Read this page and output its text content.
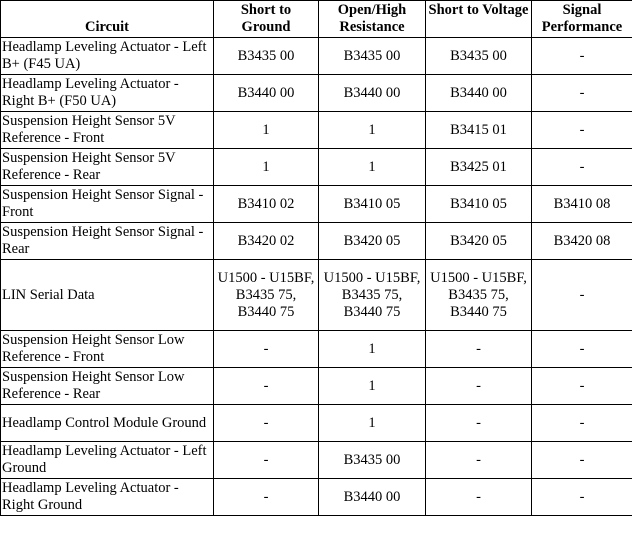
Circuit	Short to Ground	Open/High Resistance	Short to Voltage	Signal Performance
Headlamp Leveling Actuator - Left B+ (F45 UA)	B3435 00	B3435 00	B3435 00	-
Headlamp Leveling Actuator - Right B+ (F50 UA)	B3440 00	B3440 00	B3440 00	-
Suspension Height Sensor 5V Reference - Front	1	1	B3415 01	-
Suspension Height Sensor 5V Reference - Rear	1	1	B3425 01	-
Suspension Height Sensor Signal - Front	B3410 02	B3410 05	B3410 05	B3410 08
Suspension Height Sensor Signal - Rear	B3420 02	B3420 05	B3420 05	B3420 08
LIN Serial Data	U1500 - U15BF, B3435 75, B3440 75	U1500 - U15BF, B3435 75, B3440 75	U1500 - U15BF, B3435 75, B3440 75	-
Suspension Height Sensor Low Reference - Front	-	1	-	-
Suspension Height Sensor Low Reference - Rear	-	1	-	-
Headlamp Control Module Ground	-	1	-	-
Headlamp Leveling Actuator - Left Ground	-	B3435 00	-	-
Headlamp Leveling Actuator - Right Ground	-	B3440 00	-	-
